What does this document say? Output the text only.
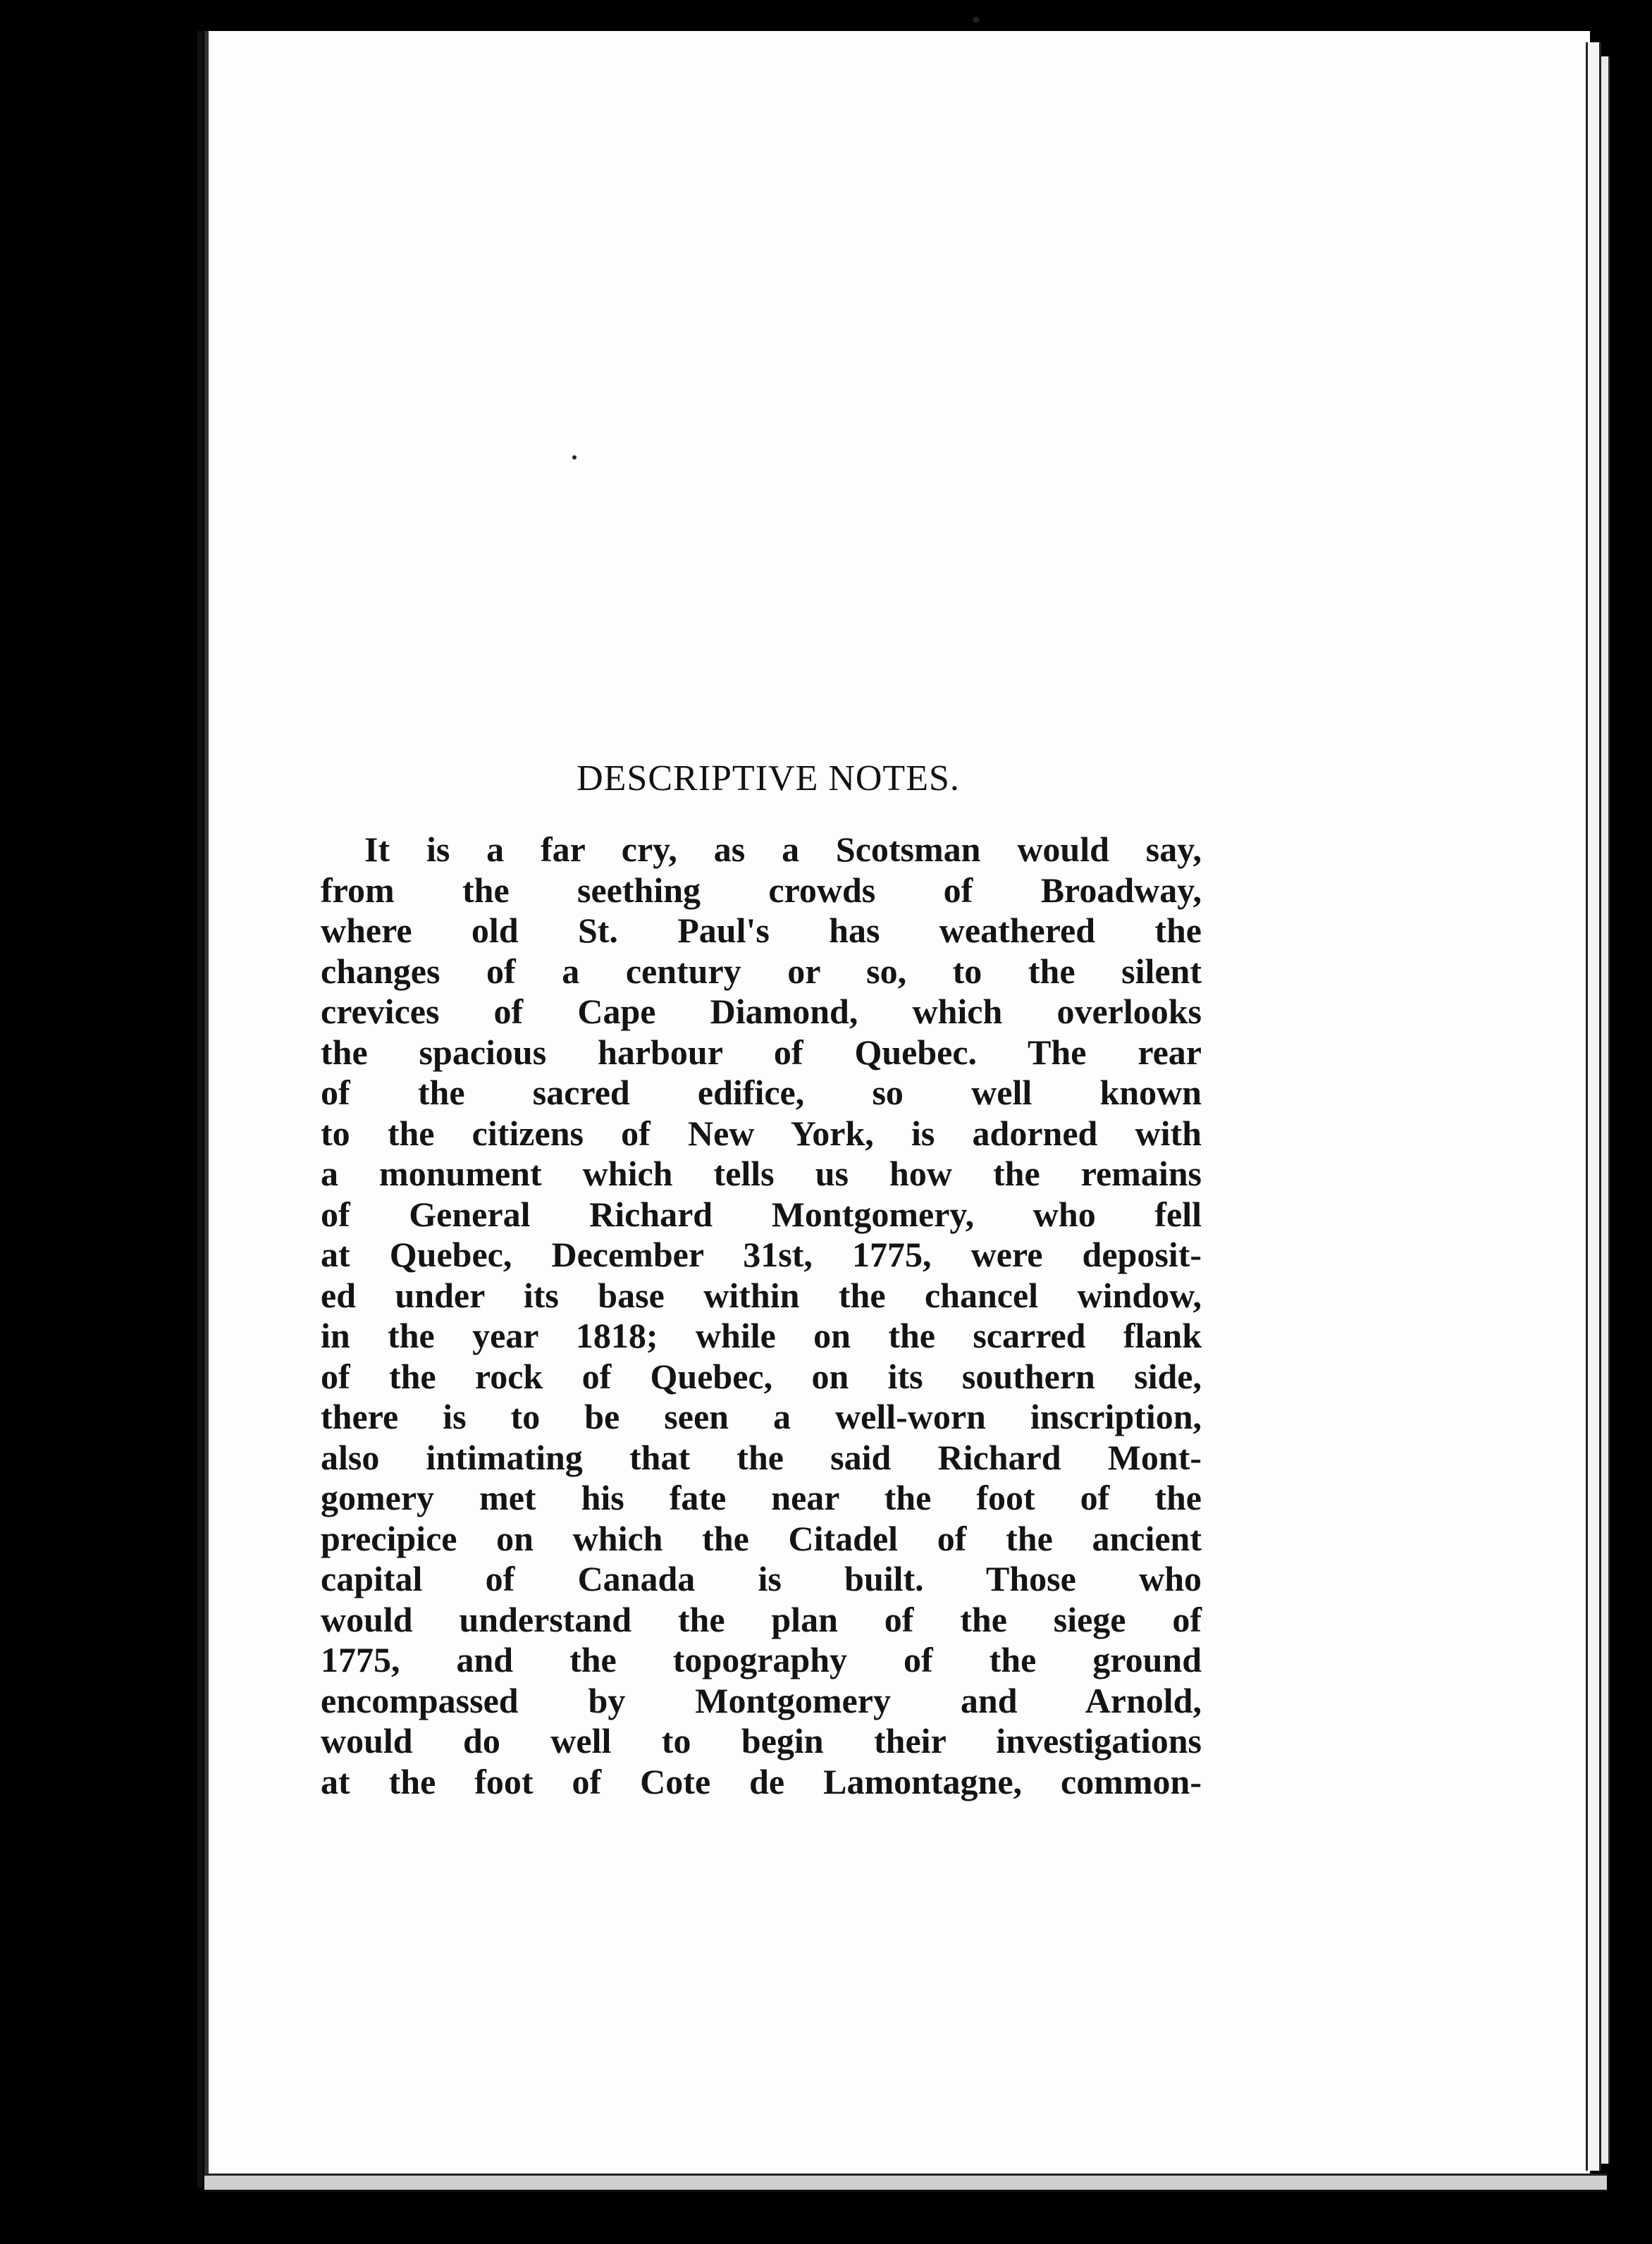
DESCRIPTIVE NOTES.
It is a far cry, as a Scotsman would say,
from the seething crowds of Broadway,
where old St. Paul's has weathered the
changes of a century or so, to the silent
crevices of Cape Diamond, which overlooks
the spacious harbour of Quebec. The rear
of the sacred edifice, so well known
to the citizens of New York, is adorned with
a monument which tells us how the remains
of General Richard Montgomery, who fell
at Quebec, December 31st, 1775, were deposit-
ed under its base within the chancel window,
in the year 1818; while on the scarred flank
of the rock of Quebec, on its southern side,
there is to be seen a well-worn inscription,
also intimating that the said Richard Mont-
gomery met his fate near the foot of the
precipice on which the Citadel of the ancient
capital of Canada is built. Those who
would understand the plan of the siege of
1775, and the topography of the ground
encompassed by Montgomery and Arnold,
would do well to begin their investigations
at the foot of Cote de Lamontagne, common-
